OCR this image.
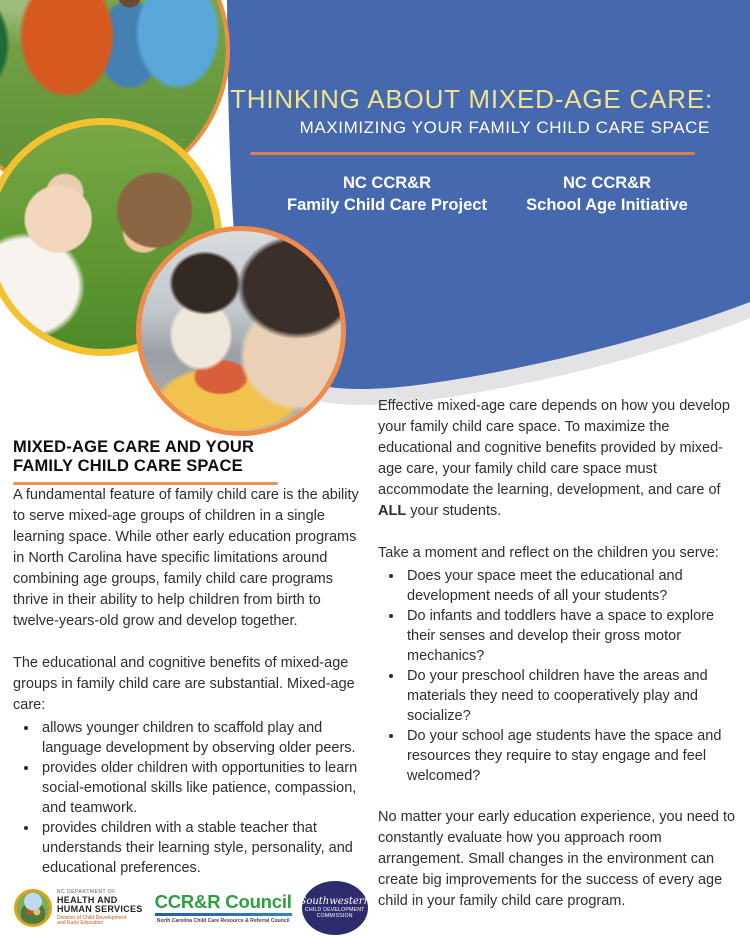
THINKING ABOUT MIXED-AGE CARE:
MAXIMIZING YOUR FAMILY CHILD CARE SPACE
NC CCR&R
Family Child Care Project
NC CCR&R
School Age Initiative
MIXED-AGE CARE AND YOUR
FAMILY CHILD CARE SPACE

A fundamental feature of family child care is the ability to serve mixed-age groups of children in a single learning space. While other early education programs in North Carolina have specific limitations around combining age groups, family child care programs thrive in their ability to help children from birth to twelve-years-old grow and develop together.

The educational and cognitive benefits of mixed-age groups in family child care are substantial. Mixed-age care:

• allows younger children to scaffold play and language development by observing older peers.
• provides older children with opportunities to learn social-emotional skills like patience, compassion, and teamwork.
• provides children with a stable teacher that understands their learning style, personality, and educational preferences.

Effective mixed-age care depends on how you develop your family child care space. To maximize the educational and cognitive benefits provided by mixed-age care, your family child care space must accommodate the learning, development, and care of ALL your students.

Take a moment and reflect on the children you serve:

• Does your space meet the educational and development needs of all your students?
• Do infants and toddlers have a space to explore their senses and develop their gross motor mechanics?
• Do your preschool children have the areas and materials they need to cooperatively play and socialize?
• Do your school age students have the space and resources they require to stay engage and feel welcomed?

No matter your early education experience, you need to constantly evaluate how you approach room arrangement. Small changes in the environment can create big improvements for the success of every age child in your family child care program.

NC DEPARTMENT OF
HEALTH AND
HUMAN SERVICES
Division of Child Development
and Early Education
CCR&R Council
North Carolina Child Care Resource & Referral Council
Southwestern
CHILD DEVELOPMENT
COMMISSION
